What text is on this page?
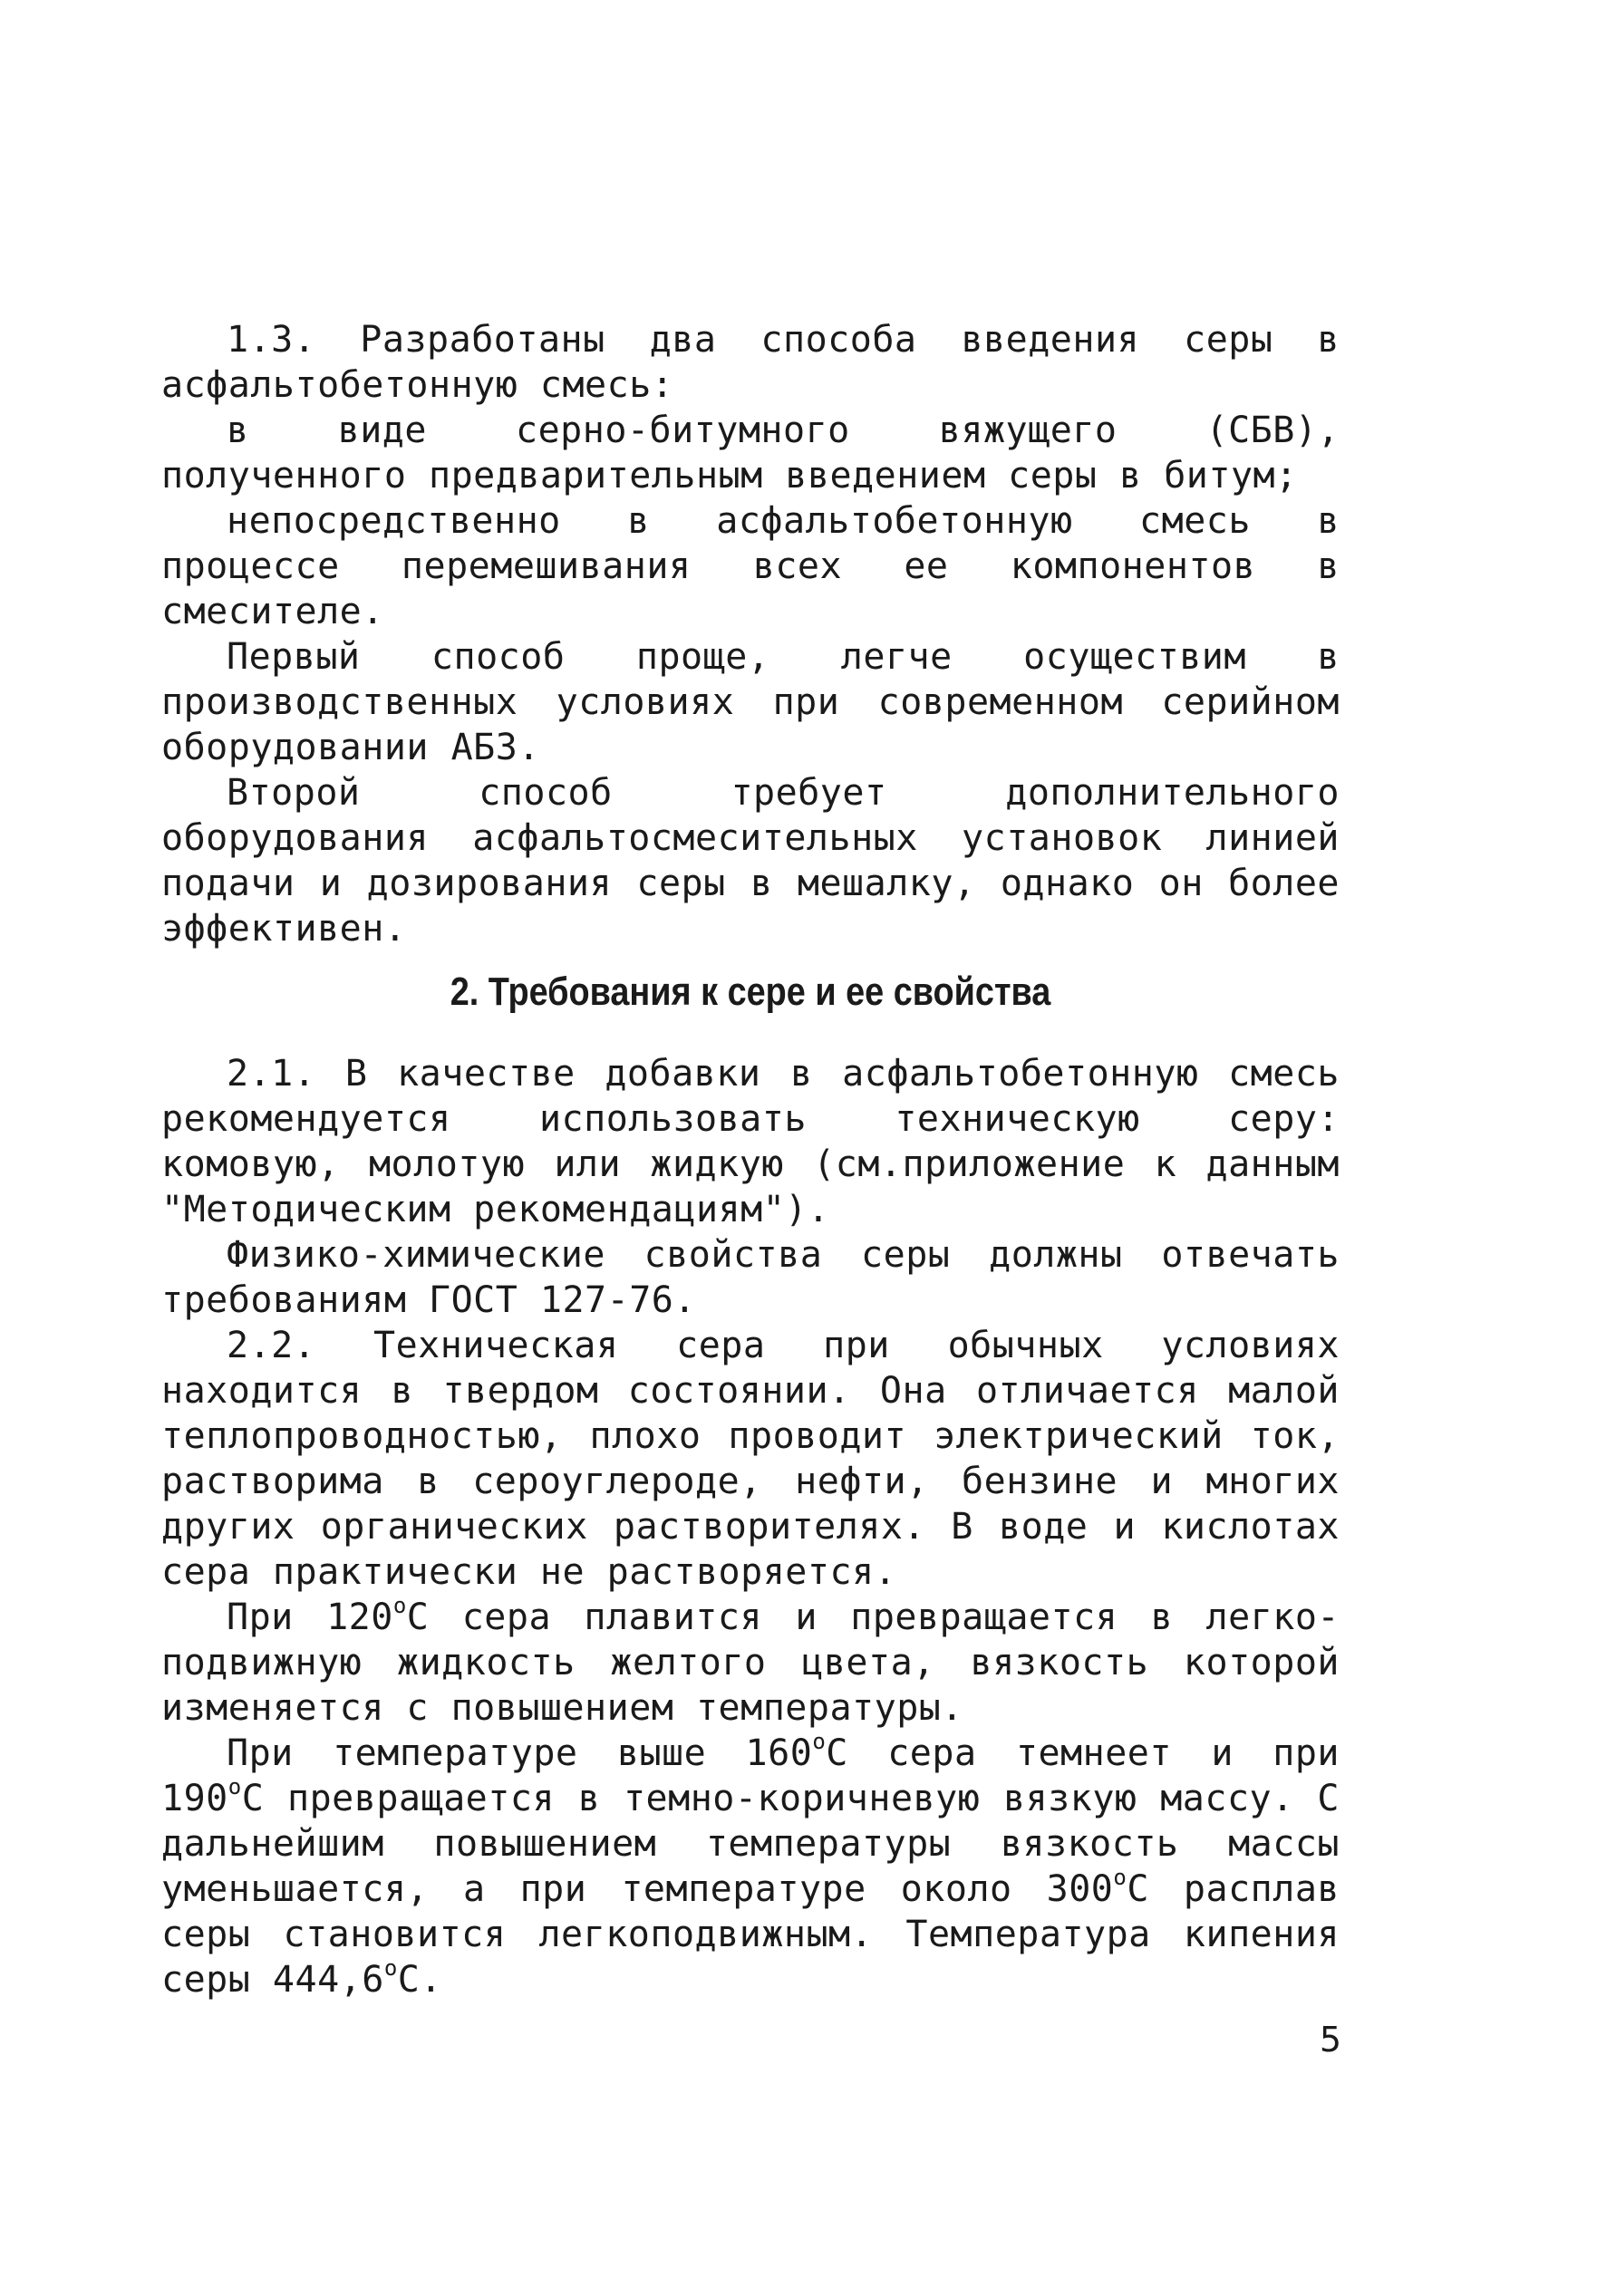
1.3. Разработаны два способа введения серы в асфальтобетонную смесь:

в виде серно-битумного вяжущего (СБВ), полученного предварительным введением серы в битум;

непосредственно в асфальтобетонную смесь в процессе перемешивания всех ее компонентов в смесителе.

Первый способ проще, легче осуществим в производственных условиях при современном серийном оборудовании АБЗ.

Второй способ требует дополнительного оборудования асфальтосмесительных установок линией подачи и дозирования серы в мешалку, однако он более эффективен.

2. Требования к сере и ее свойства

2.1. В качестве добавки в асфальтобетонную смесь рекомендуется использовать техническую серу: комовую, молотую или жидкую (см.приложение к данным "Методическим рекомендациям").

Физико-химические свойства серы должны отвечать требованиям ГОСТ 127-76.

2.2. Техническая сера при обычных условиях находится в твердом состоянии. Она отличается малой теплопроводностью, плохо проводит электрический ток, растворима в сероуглероде, нефти, бензине и многих других органических растворителях. В воде и кислотах сера практически не растворяется.

При $120^оС$ сера плавится и превращается в легко-подвижную жидкость желтого цвета, вязкость которой изменяется с повышением температуры.

При температуре выше $160^оС$ сера темнеет и при $190^оС$ превращается в темно-коричневую вязкую массу. С дальнейшим повышением температуры вязкость массы уменьшается, а при температуре около $300^оС$ расплав серы становится легкоподвижным. Температура кипения серы $444,6^оС$.

5
